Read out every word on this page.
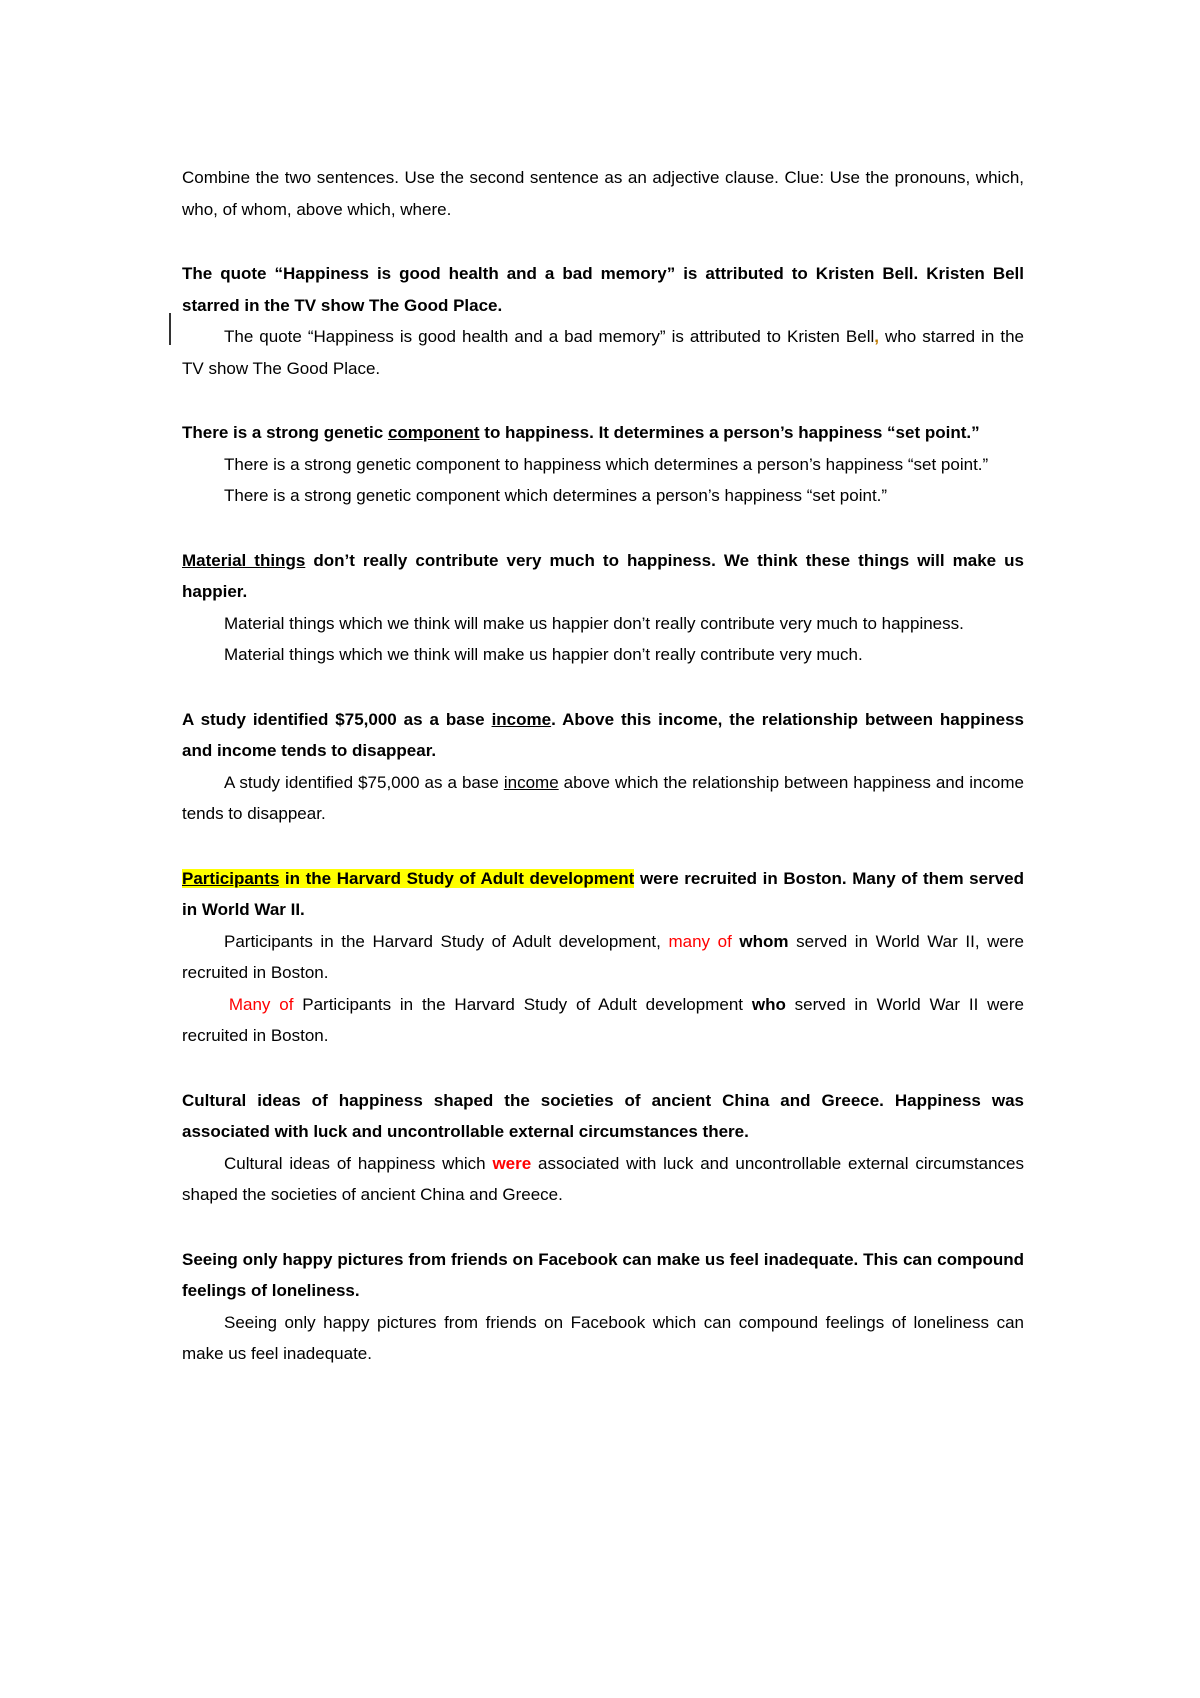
Combine the two sentences. Use the second sentence as an adjective clause. Clue: Use the pronouns, which, who, of whom, above which, where.

The quote “Happiness is good health and a bad memory” is attributed to Kristen Bell. Kristen Bell starred in the TV show The Good Place.

The quote “Happiness is good health and a bad memory” is attributed to Kristen Bell, who starred in the TV show The Good Place.

There is a strong genetic component to happiness. It determines a person’s happiness “set point.”

There is a strong genetic component to happiness which determines a person’s happiness “set point.”

There is a strong genetic component which determines a person’s happiness “set point.”

Material things don’t really contribute very much to happiness. We think these things will make us happier.

Material things which we think will make us happier don’t really contribute very much to happiness.

Material things which we think will make us happier don’t really contribute very much.

A study identified $75,000 as a base income. Above this income, the relationship between happiness and income tends to disappear.

A study identified $75,000 as a base income above which the relationship between happiness and income tends to disappear.

Participants in the Harvard Study of Adult development were recruited in Boston. Many of them served in World War II.

Participants in the Harvard Study of Adult development, many of whom served in World War II, were recruited in Boston.

Many of Participants in the Harvard Study of Adult development who served in World War II were recruited in Boston.

Cultural ideas of happiness shaped the societies of ancient China and Greece. Happiness was associated with luck and uncontrollable external circumstances there.

Cultural ideas of happiness which were associated with luck and uncontrollable external circumstances shaped the societies of ancient China and Greece.

Seeing only happy pictures from friends on Facebook can make us feel inadequate. This can compound feelings of loneliness.

Seeing only happy pictures from friends on Facebook which can compound feelings of loneliness can make us feel inadequate.
